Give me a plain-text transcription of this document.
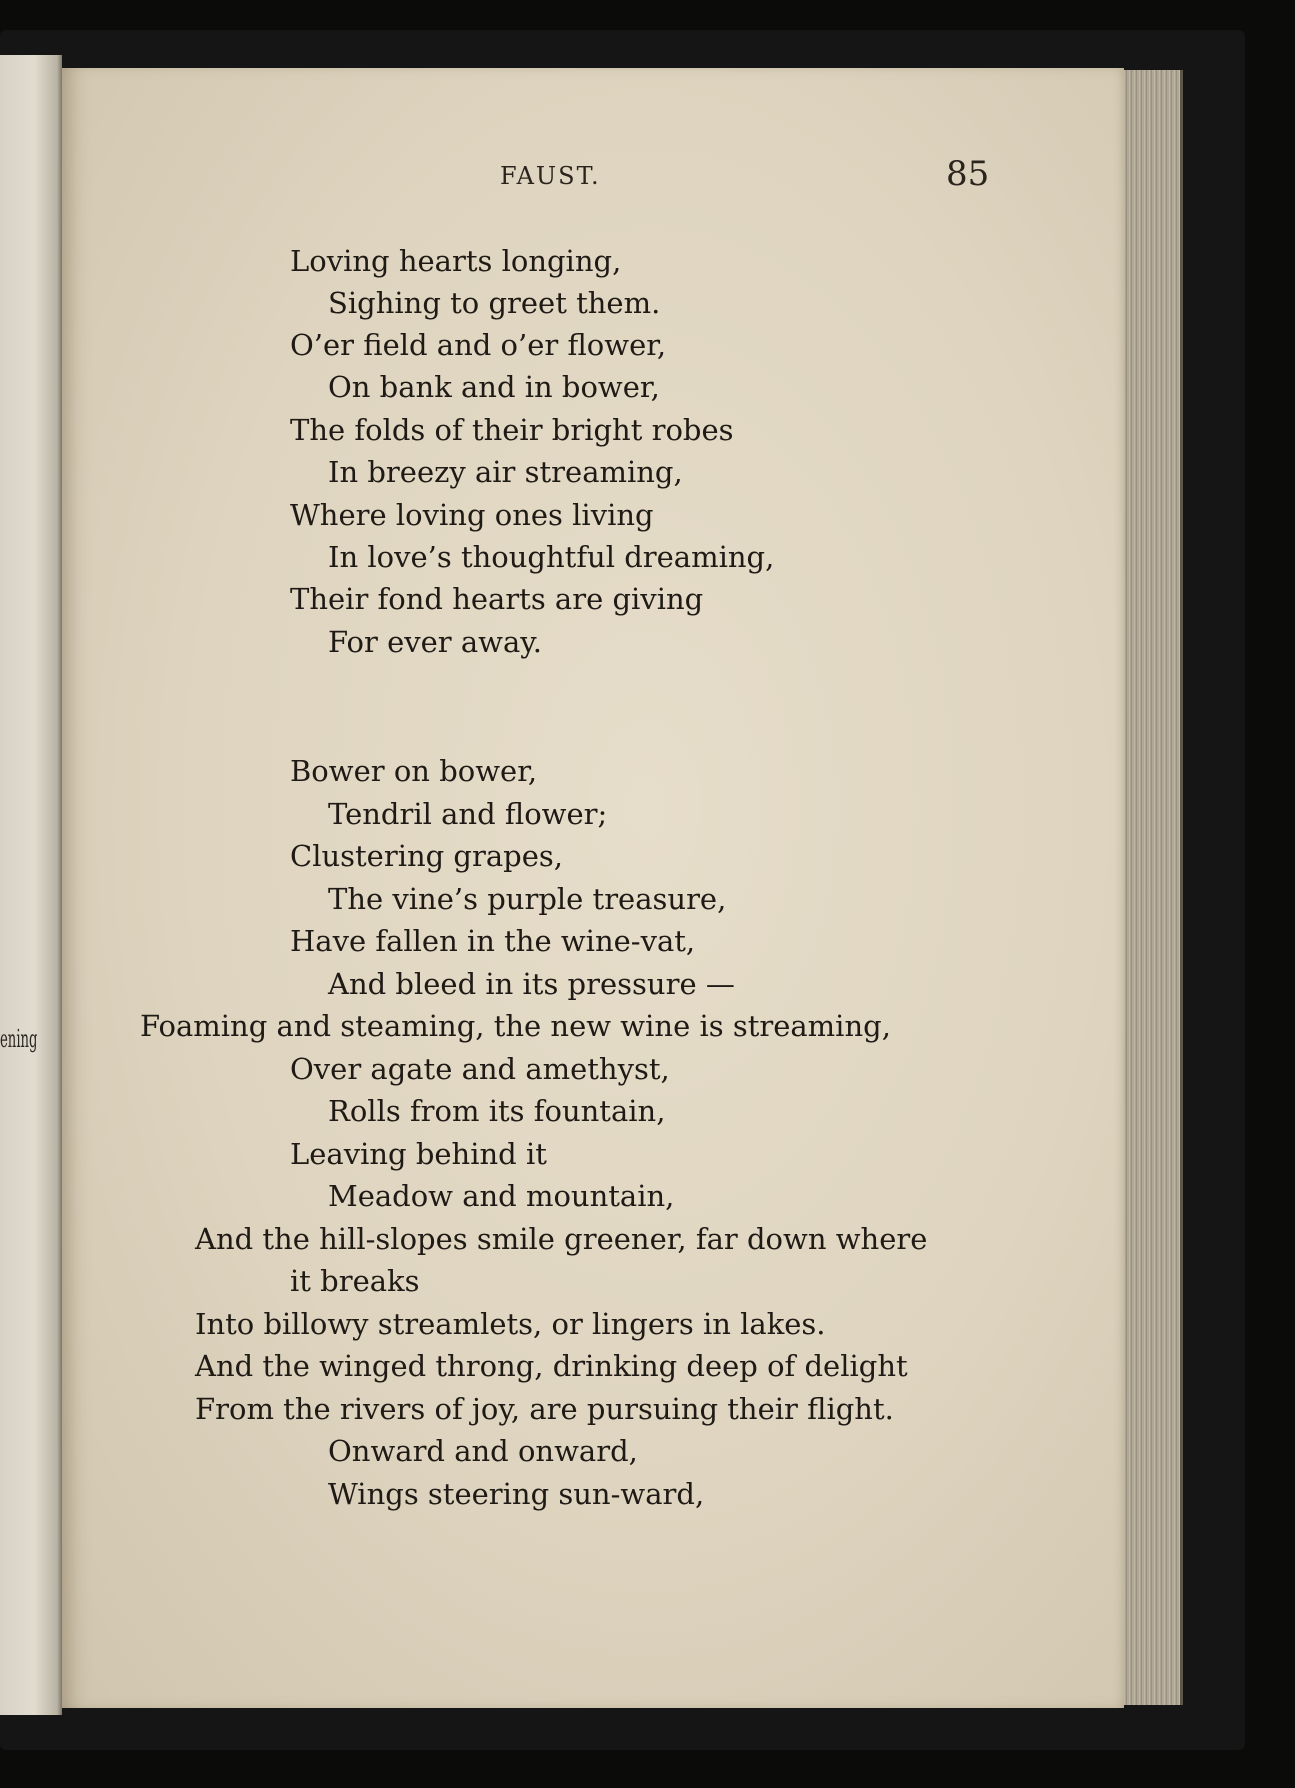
ening
FAUST.	85
Loving hearts longing,
Sighing to greet them.
O’er field and o’er flower,
On bank and in bower,
The folds of their bright robes
In breezy air streaming,
Where loving ones living
In love’s thoughtful dreaming,
Their fond hearts are giving
For ever away.
Bower on bower,
Tendril and flower;
Clustering grapes,
The vine’s purple treasure,
Have fallen in the wine-vat,
And bleed in its pressure —
Foaming and steaming, the new wine is streaming,
Over agate and amethyst,
Rolls from its fountain,
Leaving behind it
Meadow and mountain,
And the hill-slopes smile greener, far down where
it breaks
Into billowy streamlets, or lingers in lakes.
And the winged throng, drinking deep of delight
From the rivers of joy, are pursuing their flight.
Onward and onward,
Wings steering sun-ward,
